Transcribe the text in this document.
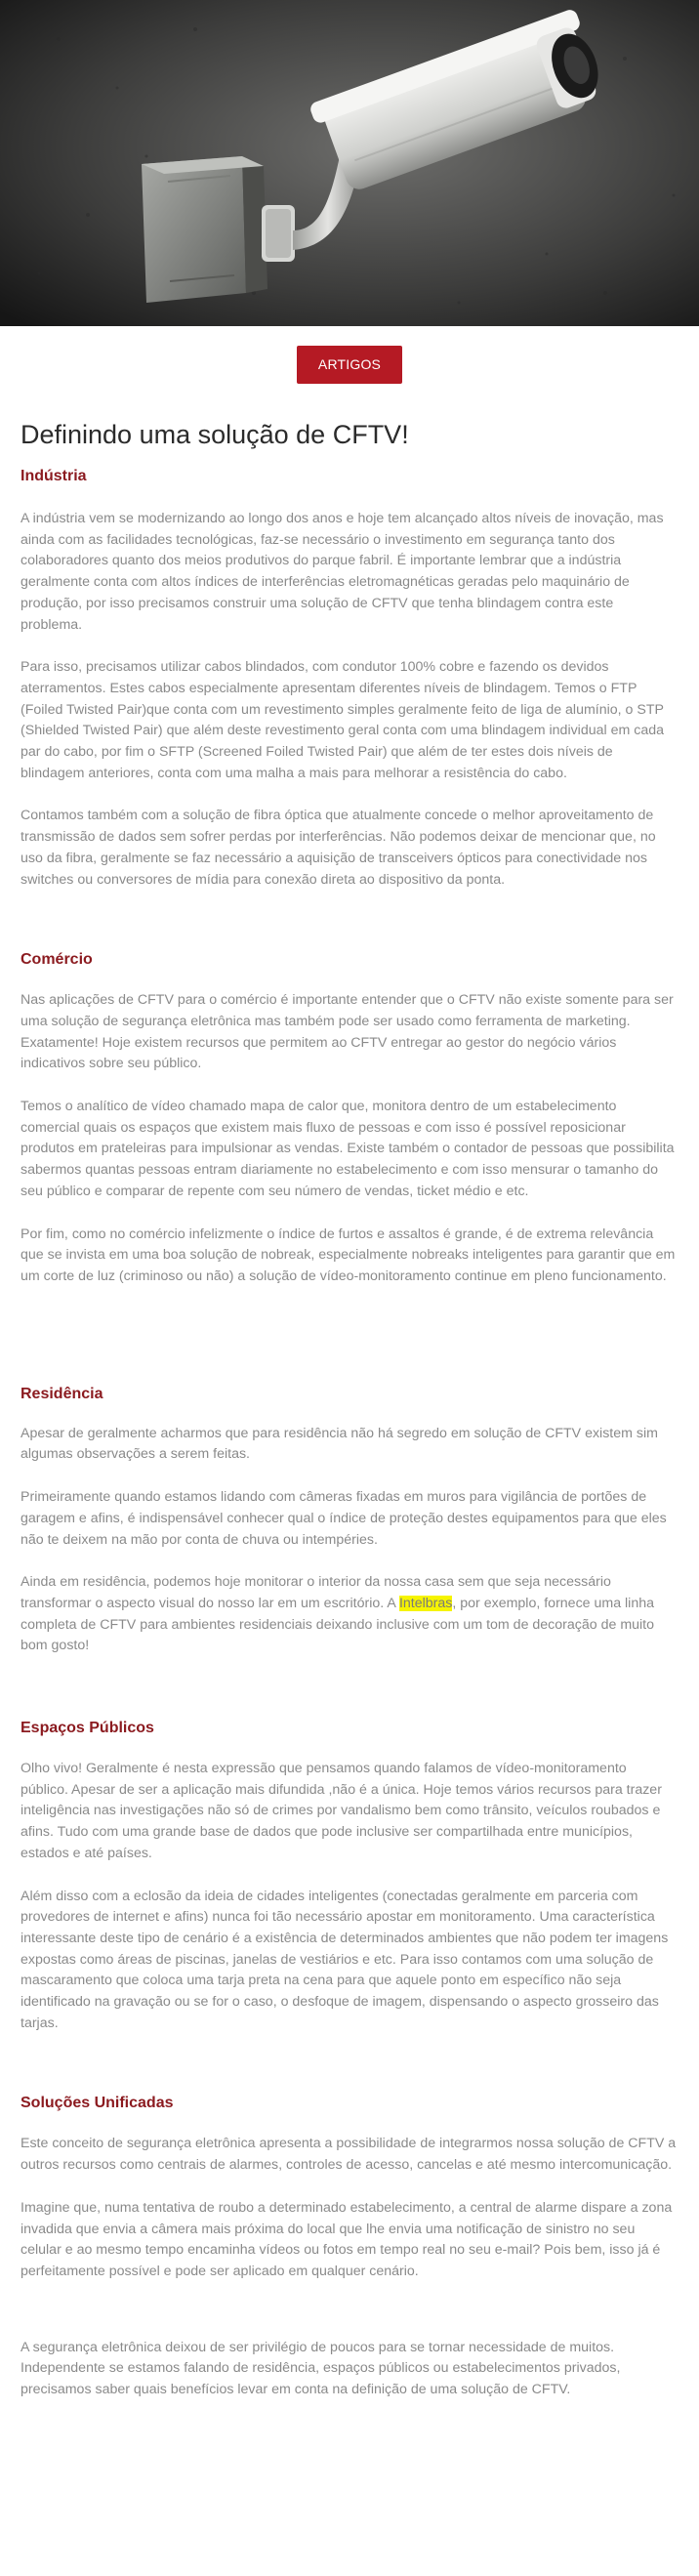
ARTIGOS
Definindo uma solução de CFTV!
Indústria

A indústria vem se modernizando ao longo dos anos e hoje tem alcançado altos níveis de inovação, mas ainda com as facilidades tecnológicas, faz-se necessário o investimento em segurança tanto dos colaboradores quanto dos meios produtivos do parque fabril. É importante lembrar que a indústria geralmente conta com altos índices de interferências eletromagnéticas geradas pelo maquinário de produção, por isso precisamos construir uma solução de CFTV que tenha blindagem contra este problema.

Para isso, precisamos utilizar cabos blindados, com condutor 100% cobre e fazendo os devidos aterramentos. Estes cabos especialmente apresentam diferentes níveis de blindagem. Temos o FTP (Foiled Twisted Pair)que conta com um revestimento simples geralmente feito de liga de alumínio, o STP (Shielded Twisted Pair) que além deste revestimento geral conta com uma blindagem individual em cada par do cabo, por fim o SFTP (Screened Foiled Twisted Pair) que além de ter estes dois níveis de blindagem anteriores, conta com uma malha a mais para melhorar a resistência do cabo.

Contamos também com a solução de fibra óptica que atualmente concede o melhor aproveitamento de transmissão de dados sem sofrer perdas por interferências. Não podemos deixar de mencionar que, no uso da fibra, geralmente se faz necessário a aquisição de transceivers ópticos para conectividade nos switches ou conversores de mídia para conexão direta ao dispositivo da ponta.

Comércio

Nas aplicações de CFTV para o comércio é importante entender que o CFTV não existe somente para ser uma solução de segurança eletrônica mas também pode ser usado como ferramenta de marketing. Exatamente! Hoje existem recursos que permitem ao CFTV entregar ao gestor do negócio vários indicativos sobre seu público.

Temos o analítico de vídeo chamado mapa de calor que, monitora dentro de um estabelecimento comercial quais os espaços que existem mais fluxo de pessoas e com isso é possível reposicionar produtos em prateleiras para impulsionar as vendas. Existe também o contador de pessoas que possibilita sabermos quantas pessoas entram diariamente no estabelecimento e com isso mensurar o tamanho do seu público e comparar de repente com seu número de vendas, ticket médio e etc.

Por fim, como no comércio infelizmente o índice de furtos e assaltos é grande, é de extrema relevância que se invista em uma boa solução de nobreak, especialmente nobreaks inteligentes para garantir que em um corte de luz (criminoso ou não) a solução de vídeo-monitoramento continue em pleno funcionamento.

Residência

Apesar de geralmente acharmos que para residência não há segredo em solução de CFTV existem sim algumas observações a serem feitas.

Primeiramente quando estamos lidando com câmeras fixadas em muros para vigilância de portões de garagem e afins, é indispensável conhecer qual o índice de proteção destes equipamentos para que eles não te deixem na mão por conta de chuva ou intempéries.

Ainda em residência, podemos hoje monitorar o interior da nossa casa sem que seja necessário transformar o aspecto visual do nosso lar em um escritório. A Intelbras, por exemplo, fornece uma linha completa de CFTV para ambientes residenciais deixando inclusive com um tom de decoração de muito bom gosto!

Espaços Públicos

Olho vivo! Geralmente é nesta expressão que pensamos quando falamos de vídeo-monitoramento público. Apesar de ser a aplicação mais difundida ,não é a única. Hoje temos vários recursos para trazer inteligência nas investigações não só de crimes por vandalismo bem como trânsito, veículos roubados e afins. Tudo com uma grande base de dados que pode inclusive ser compartilhada entre municípios, estados e até países.

Além disso com a eclosão da ideia de cidades inteligentes (conectadas geralmente em parceria com provedores de internet e afins) nunca foi tão necessário apostar em monitoramento. Uma característica interessante deste tipo de cenário é a existência de determinados ambientes que não podem ter imagens expostas como áreas de piscinas, janelas de vestiários e etc. Para isso contamos com uma solução de mascaramento que coloca uma tarja preta na cena para que aquele ponto em específico não seja identificado na gravação ou se for o caso, o desfoque de imagem, dispensando o aspecto grosseiro das tarjas.

Soluções Unificadas

Este conceito de segurança eletrônica apresenta a possibilidade de integrarmos nossa solução de CFTV a outros recursos como centrais de alarmes, controles de acesso, cancelas e até mesmo intercomunicação.

Imagine que, numa tentativa de roubo a determinado estabelecimento, a central de alarme dispare a zona invadida que envia a câmera mais próxima do local que lhe envia uma notificação de sinistro no seu celular e ao mesmo tempo encaminha vídeos ou fotos em tempo real no seu e-mail? Pois bem, isso já é perfeitamente possível e pode ser aplicado em qualquer cenário.

A segurança eletrônica deixou de ser privilégio de poucos para se tornar necessidade de muitos. Independente se estamos falando de residência, espaços públicos ou estabelecimentos privados, precisamos saber quais benefícios levar em conta na definição de uma solução de CFTV.
